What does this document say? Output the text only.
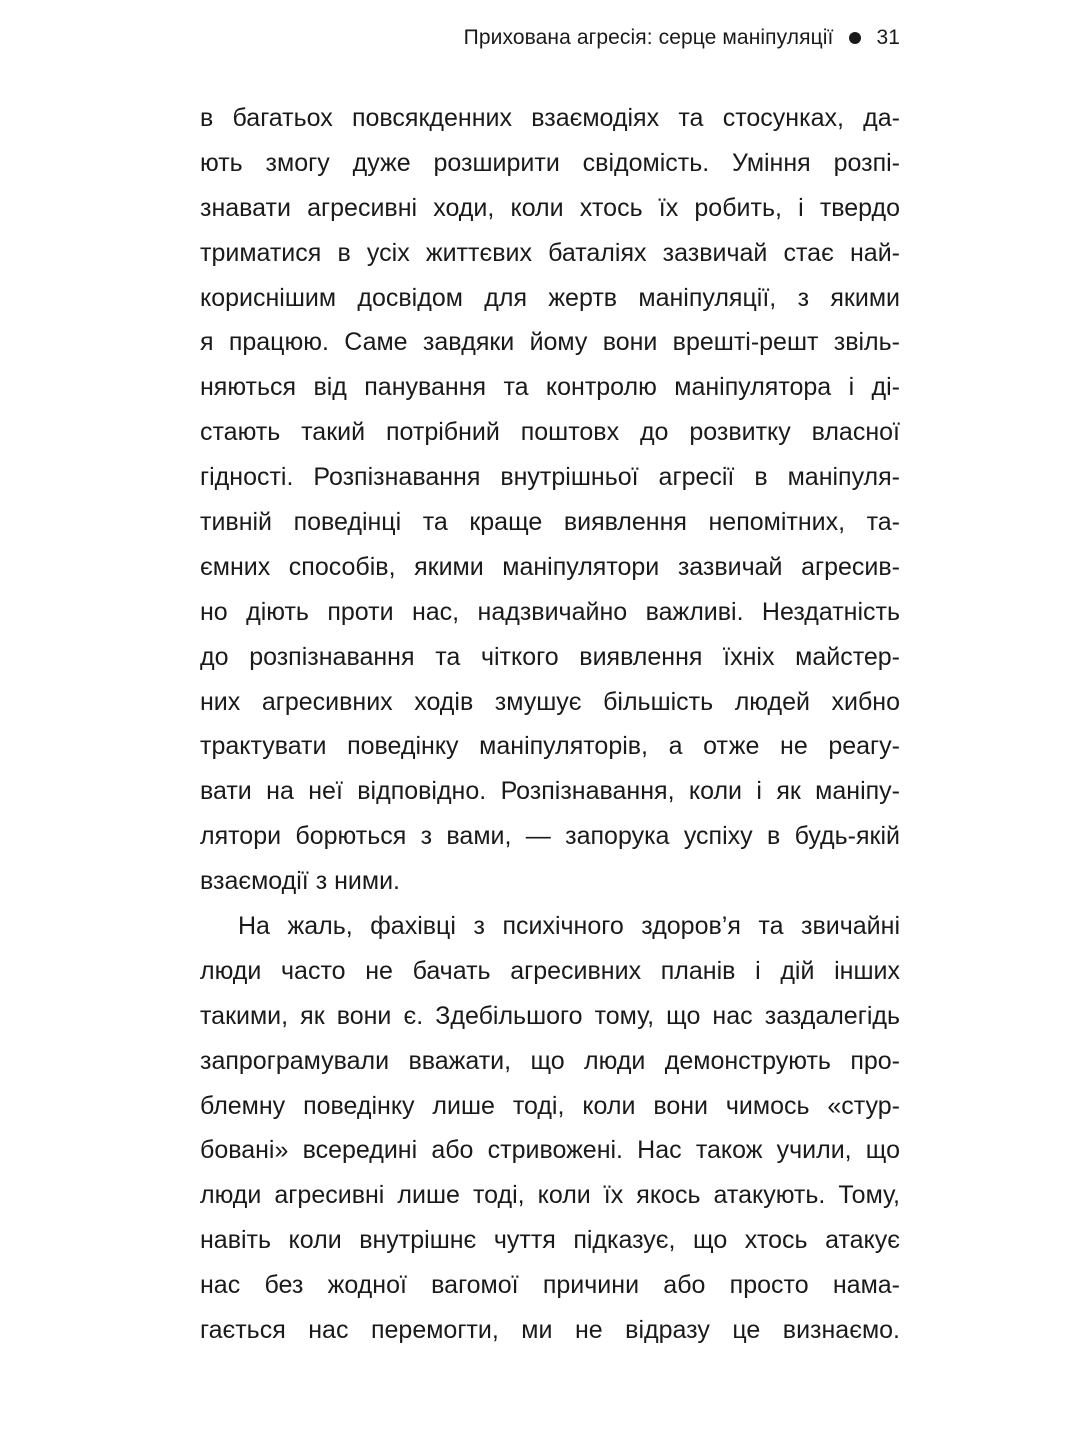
Прихована агресія: серце маніпуляції 31
в багатьох повсякденних взаємодіях та стосунках, да-
ють змогу дуже розширити свідомість. Уміння розпі-
знавати агресивні ходи, коли хтось їх робить, і твердо
триматися в усіх життєвих баталіях зазвичай стає най-
кориснішим досвідом для жертв маніпуляції, з якими
я працюю. Саме завдяки йому вони врешті-решт звіль-
няються від панування та контролю маніпулятора і ді-
стають такий потрібний поштовх до розвитку власної
гідності. Розпізнавання внутрішньої агресії в маніпуля-
тивній поведінці та краще виявлення непомітних, та-
ємних способів, якими маніпулятори зазвичай агресив-
но діють проти нас, надзвичайно важливі. Нездатність
до розпізнавання та чіткого виявлення їхніх майстер-
них агресивних ходів змушує більшість людей хибно
трактувати поведінку маніпуляторів, а отже не реагу-
вати на неї відповідно. Розпізнавання, коли і як маніпу-
лятори борються з вами, — запорука успіху в будь-якій
взаємодії з ними.
На жаль, фахівці з психічного здоров’я та звичайні
люди часто не бачать агресивних планів і дій інших
такими, як вони є. Здебільшого тому, що нас заздалегідь
запрограмували вважати, що люди демонструють про-
блемну поведінку лише тоді, коли вони чимось «стур-
бовані» всередині або стривожені. Нас також учили, що
люди агресивні лише тоді, коли їх якось атакують. Тому,
навіть коли внутрішнє чуття підказує, що хтось атакує
нас без жодної вагомої причини або просто нама-
гається нас перемогти, ми не відразу це визнаємо.
